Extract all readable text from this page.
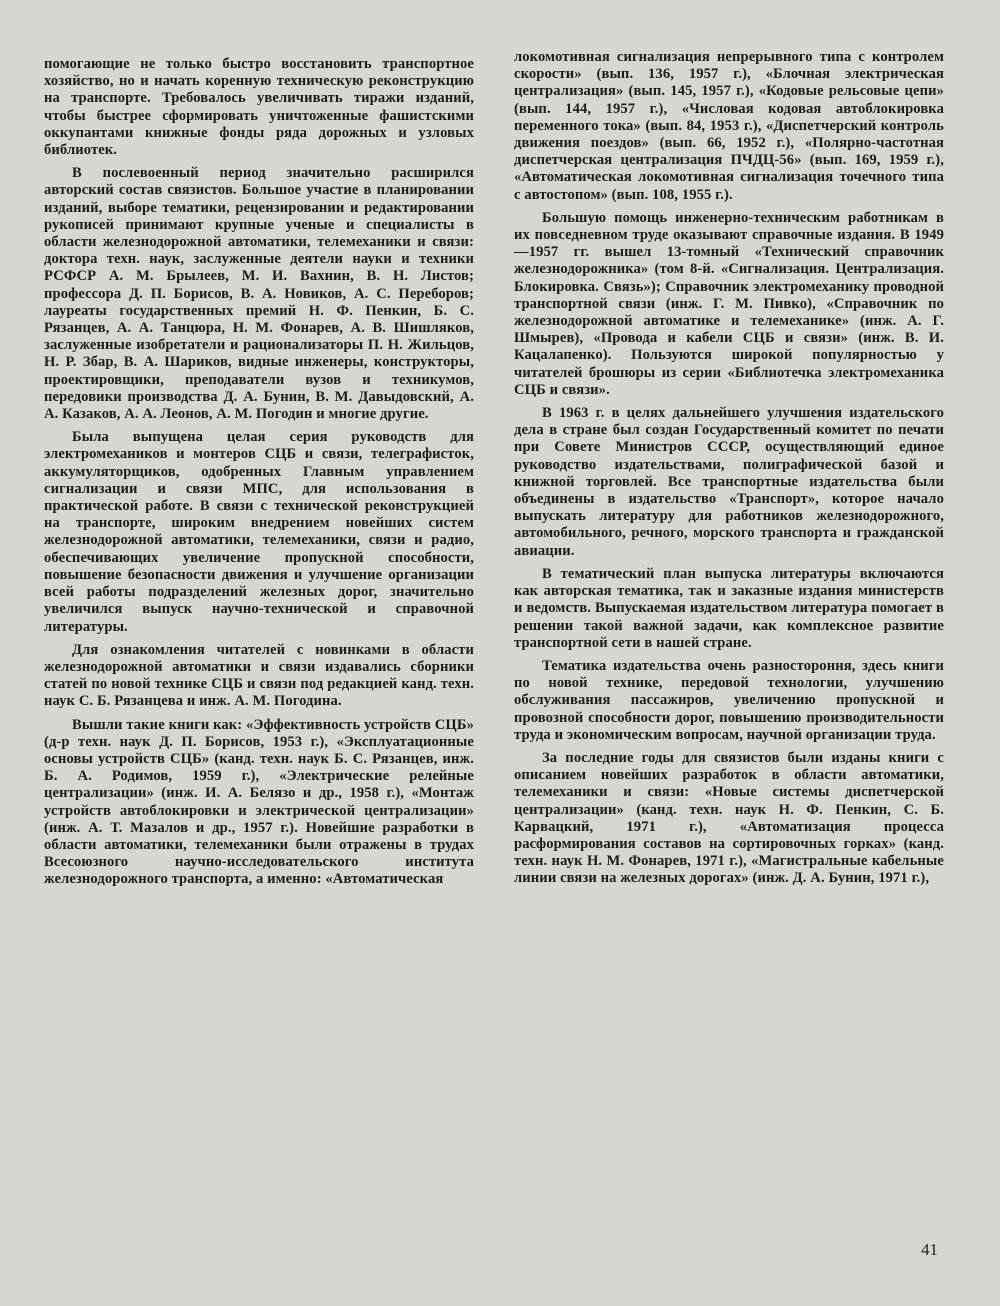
помогающие не только быстро восстановить транспортное хозяйство, но и начать коренную техническую реконструкцию на транспорте. Требовалось увеличивать тиражи изданий, чтобы быстрее сформировать уничтоженные фашистскими оккупантами книжные фонды ряда дорожных и узловых библиотек.

В послевоенный период значительно расширился авторский состав связистов. Большое участие в планировании изданий, выборе тематики, рецензировании и редактировании рукописей принимают крупные ученые и специалисты в области железнодорожной автоматики, телемеханики и связи: доктора техн. наук, заслуженные деятели науки и техники РСФСР А. М. Брылеев, М. И. Вахнин, В. Н. Листов; профессора Д. П. Борисов, В. А. Новиков, А. С. Переборов; лауреаты государственных премий Н. Ф. Пенкин, Б. С. Рязанцев, А. А. Танцюра, Н. М. Фонарев, А. В. Шишляков, заслуженные изобретатели и рационализаторы П. Н. Жильцов, Н. Р. Збар, В. А. Шариков, видные инженеры, конструкторы, проектировщики, преподаватели вузов и техникумов, передовики производства Д. А. Бунин, В. М. Давыдовский, А. А. Казаков, А. А. Леонов, А. М. Погодин и многие другие.

Была выпущена целая серия руководств для электромехаников и монтеров СЦБ и связи, телеграфисток, аккумуляторщиков, одобренных Главным управлением сигнализации и связи МПС, для использования в практической работе. В связи с технической реконструкцией на транспорте, широким внедрением новейших систем железнодорожной автоматики, телемеханики, связи и радио, обеспечивающих увеличение пропускной способности, повышение безопасности движения и улучшение организации всей работы подразделений железных дорог, значительно увеличился выпуск научно-технической и справочной литературы.

Для ознакомления читателей с новинками в области железнодорожной автоматики и связи издавались сборники статей по новой технике СЦБ и связи под редакцией канд. техн. наук С. Б. Рязанцева и инж. А. М. Погодина.

Вышли такие книги как: «Эффективность устройств СЦБ» (д-р техн. наук Д. П. Борисов, 1953 г.), «Эксплуатационные основы устройств СЦБ» (канд. техн. наук Б. С. Рязанцев, инж. Б. А. Родимов, 1959 г.), «Электрические релейные централизации» (инж. И. А. Белязо и др., 1958 г.), «Монтаж устройств автоблокировки и электрической централизации» (инж. А. Т. Мазалов и др., 1957 г.). Новейшие разработки в области автоматики, телемеханики были отражены в трудах Всесоюзного научно-исследовательского института железнодорожного транспорта, а именно: «Автоматическая

локомотивная сигнализация непрерывного типа с контролем скорости» (вып. 136, 1957 г.), «Блочная электрическая централизация» (вып. 145, 1957 г.), «Кодовые рельсовые цепи» (вып. 144, 1957 г.), «Числовая кодовая автоблокировка переменного тока» (вып. 84, 1953 г.), «Диспетчерский контроль движения поездов» (вып. 66, 1952 г.), «Полярно-частотная диспетчерская централизация ПЧДЦ-56» (вып. 169, 1959 г.), «Автоматическая локомотивная сигнализация точечного типа с автостопом» (вып. 108, 1955 г.).

Большую помощь инженерно-техническим работникам в их повседневном труде оказывают справочные издания. В 1949—1957 гг. вышел 13-томный «Технический справочник железнодорожника» (том 8-й. «Сигнализация. Централизация. Блокировка. Связь»); Справочник электромеханику проводной транспортной связи (инж. Г. М. Пивко), «Справочник по железнодорожной автоматике и телемеханике» (инж. А. Г. Шмырев), «Провода и кабели СЦБ и связи» (инж. В. И. Кацалапенко). Пользуются широкой популярностью у читателей брошюры из серии «Библиотечка электромеханика СЦБ и связи».

В 1963 г. в целях дальнейшего улучшения издательского дела в стране был создан Государственный комитет по печати при Совете Министров СССР, осуществляющий единое руководство издательствами, полиграфической базой и книжной торговлей. Все транспортные издательства были объединены в издательство «Транспорт», которое начало выпускать литературу для работников железнодорожного, автомобильного, речного, морского транспорта и гражданской авиации.

В тематический план выпуска литературы включаются как авторская тематика, так и заказные издания министерств и ведомств. Выпускаемая издательством литература помогает в решении такой важной задачи, как комплексное развитие транспортной сети в нашей стране.

Тематика издательства очень разностороння, здесь книги по новой технике, передовой технологии, улучшению обслуживания пассажиров, увеличению пропускной и провозной способности дорог, повышению производительности труда и экономическим вопросам, научной организации труда.

За последние годы для связистов были изданы книги с описанием новейших разработок в области автоматики, телемеханики и связи: «Новые системы диспетчерской централизации» (канд. техн. наук Н. Ф. Пенкин, С. Б. Карвацкий, 1971 г.), «Автоматизация процесса расформирования составов на сортировочных горках» (канд. техн. наук Н. М. Фонарев, 1971 г.), «Магистральные кабельные линии связи на железных дорогах» (инж. Д. А. Бунин, 1971 г.),

41
